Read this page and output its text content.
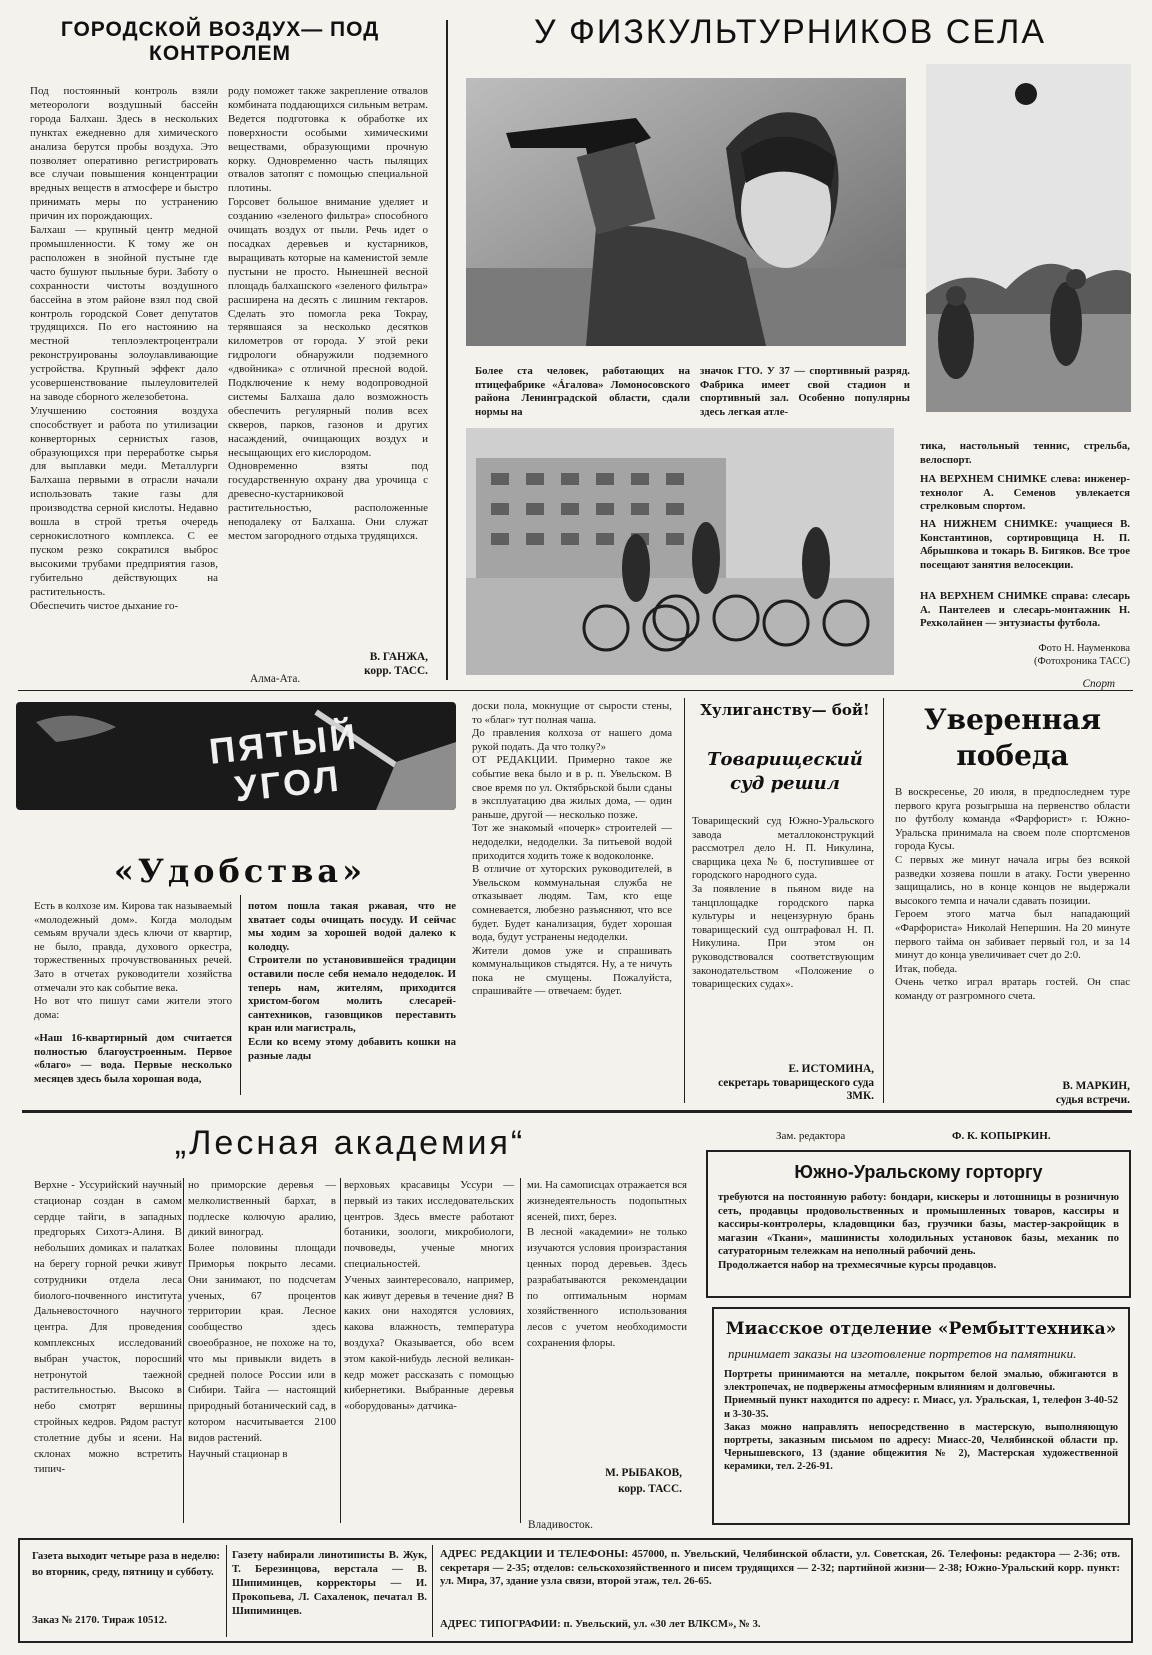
ГОРОДСКОЙ ВОЗДУХ— ПОД КОНТРОЛЕМ
Под постоянный контроль взяли метеорологи воздушный бассейн города Балхаш. Здесь в нескольких пунктах ежедневно для химического анализа берутся пробы воздуха. Это позволяет оперативно регистрировать все случаи повышения концентрации вредных веществ в атмосфере и быстро принимать меры по устранению причин их порождающих.
Балхаш — крупный центр медной промышленности. К тому же он расположен в знойной пустыне где часто бушуют пыльные бури. Заботу о сохранности чистоты воздушного бассейна в этом районе взял под свой контроль городской Совет депутатов трудящихся. По его настоянию на местной теплоэлектроцентрали реконструированы золоулавливающие устройства. Крупный эффект дало усовершенствование пылеуловителей на заводе сборного железобетона.
Улучшению состояния воздуха способствует и работа по утилизации конверторных сернистых газов, образующихся при переработке сырья для выплавки меди. Металлурги Балхаша первыми в отрасли начали использовать такие газы для производства серной кислоты. Недавно вошла в строй третья очередь сернокислотного комплекса. С ее пуском резко сократился выброс высокими трубами предприятия газов, губительно действующих на растительность.
Обеспечить чистое дыхание го-
роду поможет также закрепление отвалов комбината поддающихся сильным ветрам. Ведется подготовка к обработке их поверхности особыми химическими веществами, образующими прочную корку. Одновременно часть пылящих отвалов затопят с помощью специальной плотины.
Горсовет большое внимание уделяет и созданию «зеленого фильтра» способного очищать воздух от пыли. Речь идет о посадках деревьев и кустарников, выращивать которые на каменистой земле пустыни не просто. Нынешней весной площадь балхашского «зеленого фильтра» расширена на десять с лишним гектаров. Сделать это помогла река Токрау, терявшаяся за несколько десятков километров от города. У этой реки гидрологи обнаружили подземного «двойника» с отличной пресной водой. Подключение к нему водопроводной системы Балхаша дало возможность обеспечить регулярный полив всех скверов, парков, газонов и других насаждений, очищающих воздух и несыщающих его кислородом.
Одновременно взяты под государственную охрану два урочища с древесно-кустарниковой растительностью, расположенные неподалеку от Балхаша. Они служат местом загородного отдыха трудящихся.
В. ГАНЖА,
корр. ТАСС.
Алма-Ата.
У ФИЗКУЛЬТУРНИКОВ СЕЛА
Более ста человек, работающих на птицефабрике «Áгалова» Ломоносовского района Ленинградской области, сдали нормы на
значок ГТО. У 37 — спортивный разряд. Фабрика имеет свой стадион и спортивный зал. Особенно популярны здесь легкая атле-
тика, настольный теннис, стрельба, велоспорт.
НА ВЕРХНЕМ СНИМКЕ слева: инженер-технолог А. Семенов увлекается стрелковым спортом.
НА НИЖНЕМ СНИМКЕ: учащиеся В. Константинов, сортировщица Н. П. Абрышкова и токарь В. Бигяков. Все трое посещают занятия велосекции.
НА ВЕРХНЕМ СНИМКЕ справа: слесарь А. Пантелеев и слесарь-монтажник Н. Рехколайнен — энтузиасты футбола.
Фото Н. Науменкова
(Фотохроника ТАСС)
Спорт
ПЯТЫЙ УГОЛ
«Удобства»
Есть в колхозе им. Кирова так называемый «молодежный дом». Когда молодым семьям вручали здесь ключи от квартир, не было, правда, духового оркестра, торжественных прочувствованных речей. Зато в отчетах руководители хозяйства отмечали это как событие века.
Но вот что пишут сами жители этого дома:
«Наш 16-квартирный дом считается полностью благоустроенным. Первое «благо» — вода. Первые несколько месяцев здесь была хорошая вода,
потом пошла такая ржавая, что не хватает соды очищать посуду. И сейчас мы ходим за хорошей водой далеко к колодцу.
Строители по установившейся традиции оставили после себя немало недоделок. И теперь нам, жителям, приходится христом-богом молить слесарей-сантехников, газовщиков переставить кран или магистраль,
Если ко всему этому добавить кошки на разные лады
доски пола, мокнущие от сырости стены, то «благ» тут полная чаша.
До правления колхоза от нашего дома рукой подать. Да что толку?»
ОТ РЕДАКЦИИ. Примерно такое же событие века было и в р. п. Увельском. В свое время по ул. Октябрьской были сданы в эксплуатацию два жилых дома, — один раньше, другой — несколько позже.
Тот же знакомый «почерк» строителей — недоделки, недоделки. За питьевой водой приходится ходить тоже к водоколонке.
В отличие от хуторских руководителей, в Увельском коммунальная служба не отказывает людям. Там, кто еще сомневается, любезно разъясняют, что все будет. Будет канализация, будет хорошая вода, будут устранены недоделки.
Жители домов уже и спрашивать коммунальщиков стыдятся. Ну, а те ничуть пока не смущены. Пожалуйста, спрашивайте — отвечаем: будет.
Хулиганству— бой!
Товарищеский суд решил
Товарищеский суд Южно-Уральского завода металлоконструкций рассмотрел дело Н. П. Никулина, сварщика цеха № 6, поступившее от городского народного суда.
За появление в пьяном виде на танцплощадке городского парка культуры и нецензурную брань товарищеский суд оштрафовал Н. П. Никулина. При этом он руководствовался соответствующим законодательством «Положение о товарищеских судах».
Е. ИСТОМИНА,
секретарь товарищеского суда ЗМК.
Уверенная победа
В воскресенье, 20 июля, в предпоследнем туре первого круга розыгрыша на первенство области по футболу команда «Фарфорист» г. Южно-Уральска принимала на своем поле спортсменов города Кусы.
С первых же минут начала игры без всякой разведки хозяева пошли в атаку. Гости уверенно защищались, но в конце концов не выдержали высокого темпа и начали сдавать позиции.
Героем этого матча был нападающий «Фарфориста» Николай Непершин. На 20 минуте первого тайма он забивает первый гол, и за 14 минут до конца увеличивает счет до 2:0.
Итак, победа.
Очень четко играл вратарь гостей. Он спас команду от разгромного счета.
В. МАРКИН,
судья встречи.
Зам. редактора	Ф. К. КОПЫРКИН.
„Лесная академия“
Верхне - Уссурийский научный стационар создан в самом сердце тайги, в западных предгорьях Сихотэ-Алиня. В небольших домиках и палатках на берегу горной речки живут сотрудники отдела леса биолого-почвенного института Дальневосточного научного центра. Для проведения комплексных исследований выбран участок, поросший нетронутой таежной растительностью. Высоко в небо смотрят вершины стройных кедров. Рядом растут столетние дубы и ясени. На склонах можно встретить типич-
но приморские деревья — мелколиственный бархат, в подлеске колючую аралию, дикий виноград.
Более половины площади Приморья покрыто лесами. Они занимают, по подсчетам ученых, 67 процентов территории края. Лесное сообщество здесь своеобразное, не похоже на то, что мы привыкли видеть в средней полосе России или в Сибири. Тайга — настоящий природный ботанический сад, в котором насчитывается 2100 видов растений.
Научный стационар в
верховьях красавицы Уссури — первый из таких исследовательских центров. Здесь вместе работают ботаники, зоологи, микробиологи, почвоведы, ученые многих специальностей.
Ученых заинтересовало, например, как живут деревья в течение дня? В каких они находятся условиях, какова влажность, температура воздуха? Оказывается, обо всем этом какой-нибудь лесной великан-кедр может рассказать с помощью кибернетики. Выбранные деревья «оборудованы» датчика-
ми. На самописцах отражается вся жизнедеятельность подопытных ясеней, пихт, берез.
В лесной «академии» не только изучаются условия произрастания ценных пород деревьев. Здесь разрабатываются рекомендации по оптимальным нормам хозяйственного использования лесов с учетом необходимости сохранения флоры.
М. РЫБАКОВ,
корр. ТАСС.
Владивосток.
Южно-Уральскому горторгу
требуются на постоянную работу: бондари, кискеры и лотошницы в розничную сеть, продавцы продовольственных и промышленных товаров, кассиры и кассиры-контролеры, кладовщики баз, грузчики базы, мастер-закройщик в магазин «Ткани», машинисты холодильных установок базы, механик по сатураторным тележкам на неполный рабочий день.
Продолжается набор на трехмесячные курсы продавцов.
Миасское отделение «Рембыттехника»
принимает заказы на изготовление портретов на памятники.
Портреты принимаются на металле, покрытом белой эмалью, обжигаются в электропечах, не подвержены атмосферным влияниям и долговечны.
Приемный пункт находится по адресу: г. Миасс, ул. Уральская, 1, телефон 3-40-52 и 3-30-35.
Заказ можно направлять непосредственно в мастерскую, выполняющую портреты, заказным письмом по адресу: Миасс-20, Челябинской области пр. Чернышевского, 13 (здание общежития № 2), Мастерская художественной керамики, тел. 2-26-91.
Газета выходит четыре раза в неделю: во вторник, среду, пятницу и субботу.
Заказ № 2170. Тираж 10512.
Газету набирали линотиписты В. Жук, Т. Березинцова, верстала — В. Шипиминцев, корректоры — И. Прокопьева, Л. Сахаленок, печатал В. Шипиминцев.
АДРЕС РЕДАКЦИИ И ТЕЛЕФОНЫ: 457000, п. Увельский, Челябинской области, ул. Советская, 26. Телефоны: редактора — 2-36; отв. секретаря — 2-35; отделов: сельскохозяйственного и писем трудящихся — 2-32; партийной жизни— 2-38; Южно-Уральский корр. пункт: ул. Мира, 37, здание узла связи, второй этаж, тел. 26-65.
АДРЕС ТИПОГРАФИИ: п. Увельский, ул. «30 лет ВЛКСМ», № 3.
